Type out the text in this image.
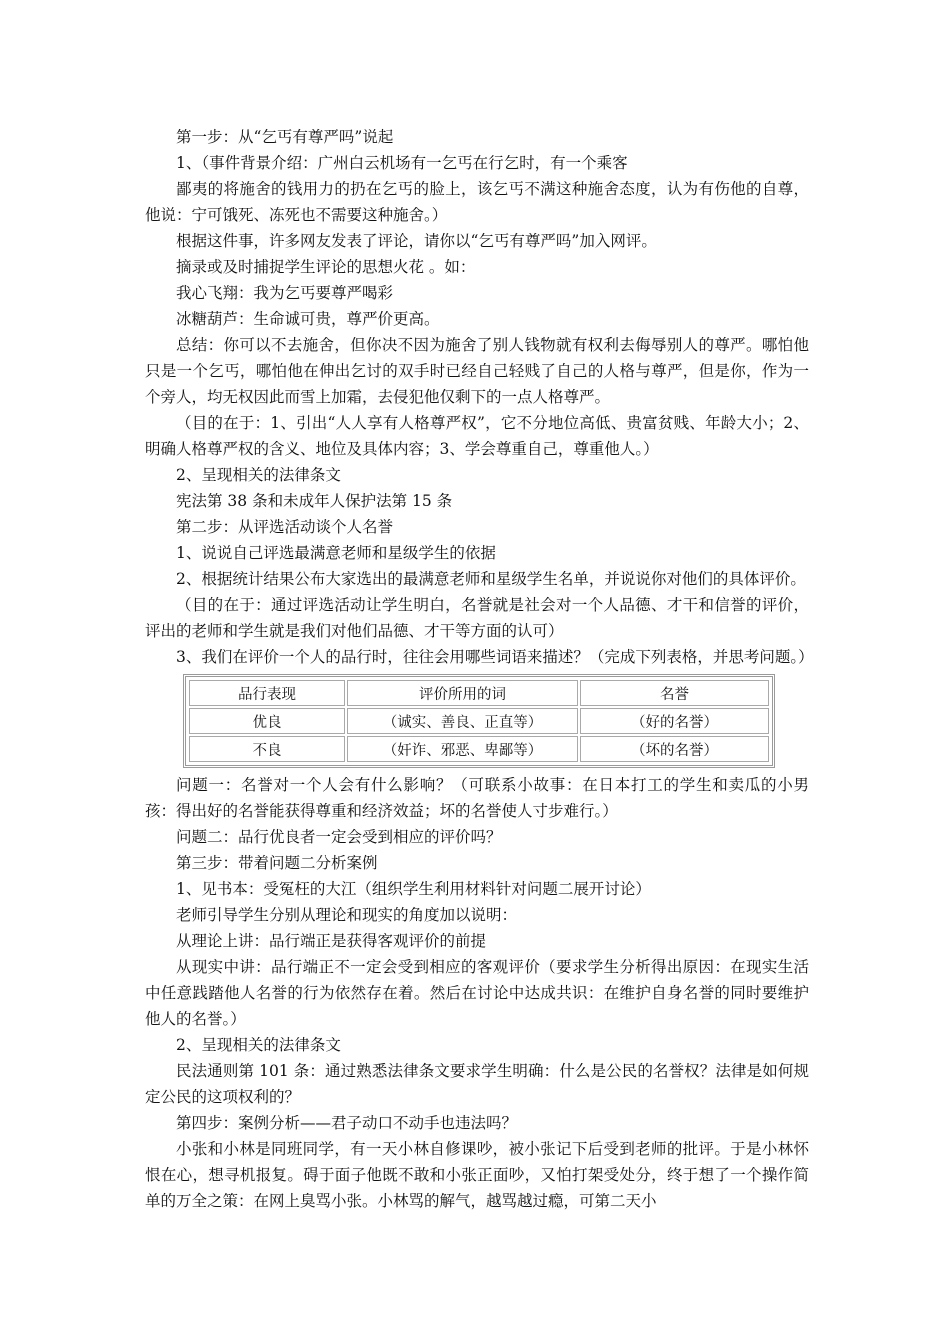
第一步：从“乞丐有尊严吗”说起

1、（事件背景介绍：广州白云机场有一乞丐在行乞时，有一个乘客

鄙夷的将施舍的钱用力的扔在乞丐的脸上，该乞丐不满这种施舍态度，认为有伤他的自尊，他说：宁可饿死、冻死也不需要这种施舍。）

根据这件事，许多网友发表了评论，请你以“乞丐有尊严吗”加入网评。

摘录或及时捕捉学生评论的思想火花 。如：

我心飞翔：我为乞丐要尊严喝彩

冰糖葫芦：生命诚可贵，尊严价更高。

总结：你可以不去施舍，但你决不因为施舍了别人钱物就有权利去侮辱别人的尊严。哪怕他只是一个乞丐，哪怕他在伸出乞讨的双手时已经自己轻贱了自己的人格与尊严，但是你，作为一个旁人，均无权因此而雪上加霜，去侵犯他仅剩下的一点人格尊严。

（目的在于：1、引出“人人享有人格尊严权”，它不分地位高低、贵富贫贱、年龄大小；2、明确人格尊严权的含义、地位及具体内容；3、学会尊重自己，尊重他人。）

2、呈现相关的法律条文

宪法第 38 条和未成年人保护法第 15 条

第二步：从评选活动谈个人名誉

1、说说自己评选最满意老师和星级学生的依据

2、根据统计结果公布大家选出的最满意老师和星级学生名单，并说说你对他们的具体评价。

（目的在于：通过评选活动让学生明白，名誉就是社会对一个人品德、才干和信誉的评价，评出的老师和学生就是我们对他们品德、才干等方面的认可）

3、我们在评价一个人的品行时，往往会用哪些词语来描述？（完成下列表格，并思考问题。）

品行表现	评价所用的词	名誉
优良	（诚实、善良、正直等）	（好的名誉）
不良	（奸诈、邪恶、卑鄙等）	（坏的名誉）

问题一：名誉对一个人会有什么影响？（可联系小故事：在日本打工的学生和卖瓜的小男孩：得出好的名誉能获得尊重和经济效益；坏的名誉使人寸步难行。）

问题二：品行优良者一定会受到相应的评价吗？

第三步：带着问题二分析案例

1、见书本：受冤枉的大江（组织学生利用材料针对问题二展开讨论）

老师引导学生分别从理论和现实的角度加以说明：

从理论上讲：品行端正是获得客观评价的前提

从现实中讲：品行端正不一定会受到相应的客观评价（要求学生分析得出原因：在现实生活中任意践踏他人名誉的行为依然存在着。然后在讨论中达成共识：在维护自身名誉的同时要维护他人的名誉。）

2、呈现相关的法律条文

民法通则第 101 条：通过熟悉法律条文要求学生明确：什么是公民的名誉权？法律是如何规定公民的这项权利的？

第四步：案例分析——君子动口不动手也违法吗？

小张和小林是同班同学，有一天小林自修课吵，被小张记下后受到老师的批评。于是小林怀恨在心，想寻机报复。碍于面子他既不敢和小张正面吵，又怕打架受处分，终于想了一个操作简单的万全之策：在网上臭骂小张。小林骂的解气，越骂越过瘾，可第二天小
